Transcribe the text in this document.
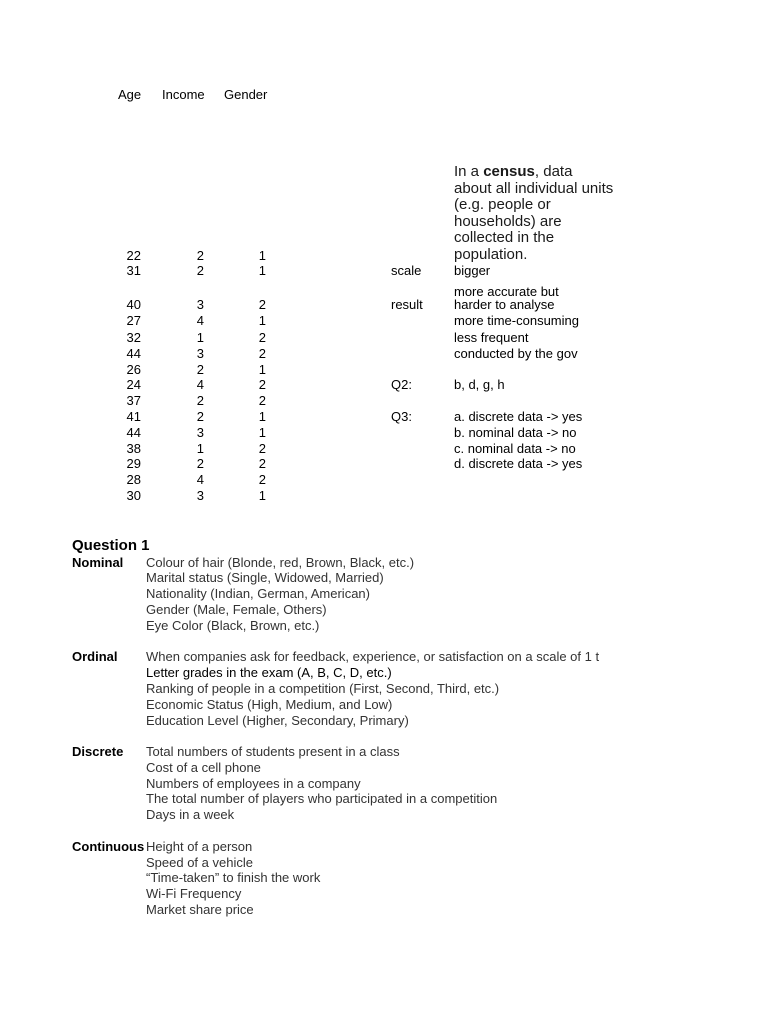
Age Income Gender
22	2	1
31	2	1
40	3	2
27	4	1
32	1	2
44	3	2
26	2	1
24	4	2
37	2	2
41	2	1
44	3	1
38	1	2
29	2	2
28	4	2
30	3	1
In a census, data about all individual units (e.g. people or households) are collected in the population.
scale	bigger
more accurate but
result harder to analyse
more time-consuming
less frequent
conducted by the gov
Q2:	b, d, g, h
Q3:	a. discrete data -> yes
b. nominal data -> no
c. nominal data -> no
d. discrete data -> yes
Question 1
Nominal Colour of hair (Blonde, red, Brown, Black, etc.)
Marital status (Single, Widowed, Married)
Nationality (Indian, German, American)
Gender (Male, Female, Others)
Eye Color (Black, Brown, etc.)
Ordinal When companies ask for feedback, experience, or satisfaction on a scale of 1 t
Letter grades in the exam (A, B, C, D, etc.)
Ranking of people in a competition (First, Second, Third, etc.)
Economic Status (High, Medium, and Low)
Education Level (Higher, Secondary, Primary)
Discrete Total numbers of students present in a class
Cost of a cell phone
Numbers of employees in a company
The total number of players who participated in a competition
Days in a week
Continuous Height of a person
Speed of a vehicle
“Time-taken” to finish the work
Wi-Fi Frequency
Market share price
